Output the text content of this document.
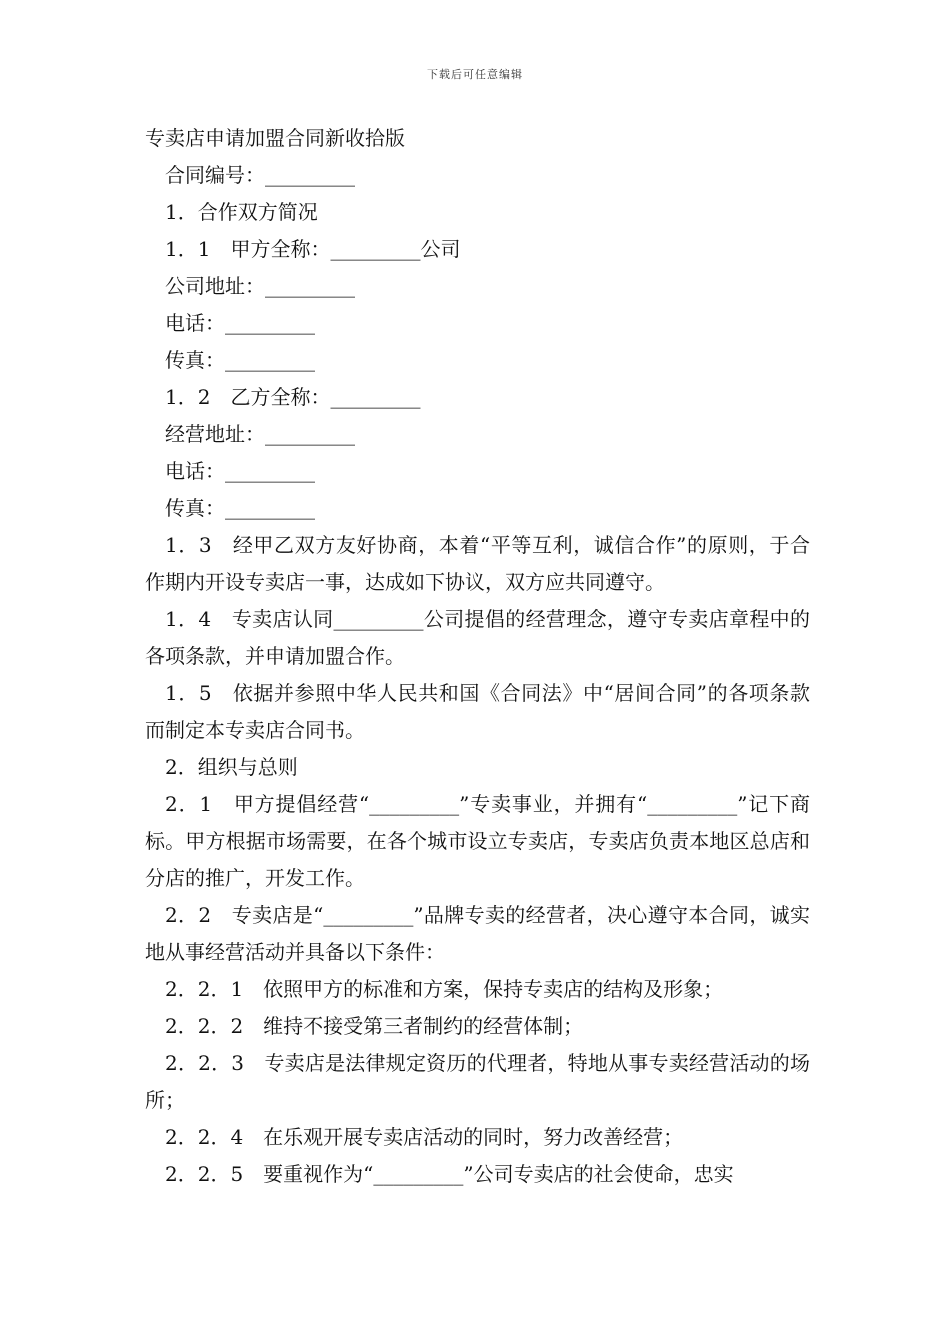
下载后可任意编辑
专卖店申请加盟合同新收拾版
合同编号：_________
1．合作双方简况
1．1　甲方全称：_________公司
公司地址：_________
电话：_________
传真：_________
1．2　乙方全称：_________
经营地址：_________
电话：_________
传真：_________
1．3　经甲乙双方友好协商，本着“平等互利，诚信合作”的原则，于合作期内开设专卖店一事，达成如下协议，双方应共同遵守。
1．4　专卖店认同_________公司提倡的经营理念，遵守专卖店章程中的各项条款，并申请加盟合作。
1．5　依据并参照中华人民共和国《合同法》中“居间合同”的各项条款而制定本专卖店合同书。
2．组织与总则
2．1　甲方提倡经营“_________”专卖事业，并拥有“_________”记下商标。甲方根据市场需要，在各个城市设立专卖店，专卖店负责本地区总店和分店的推广，开发工作。
2．2　专卖店是“_________”品牌专卖的经营者，决心遵守本合同，诚实地从事经营活动并具备以下条件：
2．2．1　依照甲方的标准和方案，保持专卖店的结构及形象；
2．2．2　维持不接受第三者制约的经营体制；
2．2．3　专卖店是法律规定资历的代理者，特地从事专卖经营活动的场所；
2．2．4　在乐观开展专卖店活动的同时，努力改善经营；
2．2．5　要重视作为“_________”公司专卖店的社会使命，忠实
